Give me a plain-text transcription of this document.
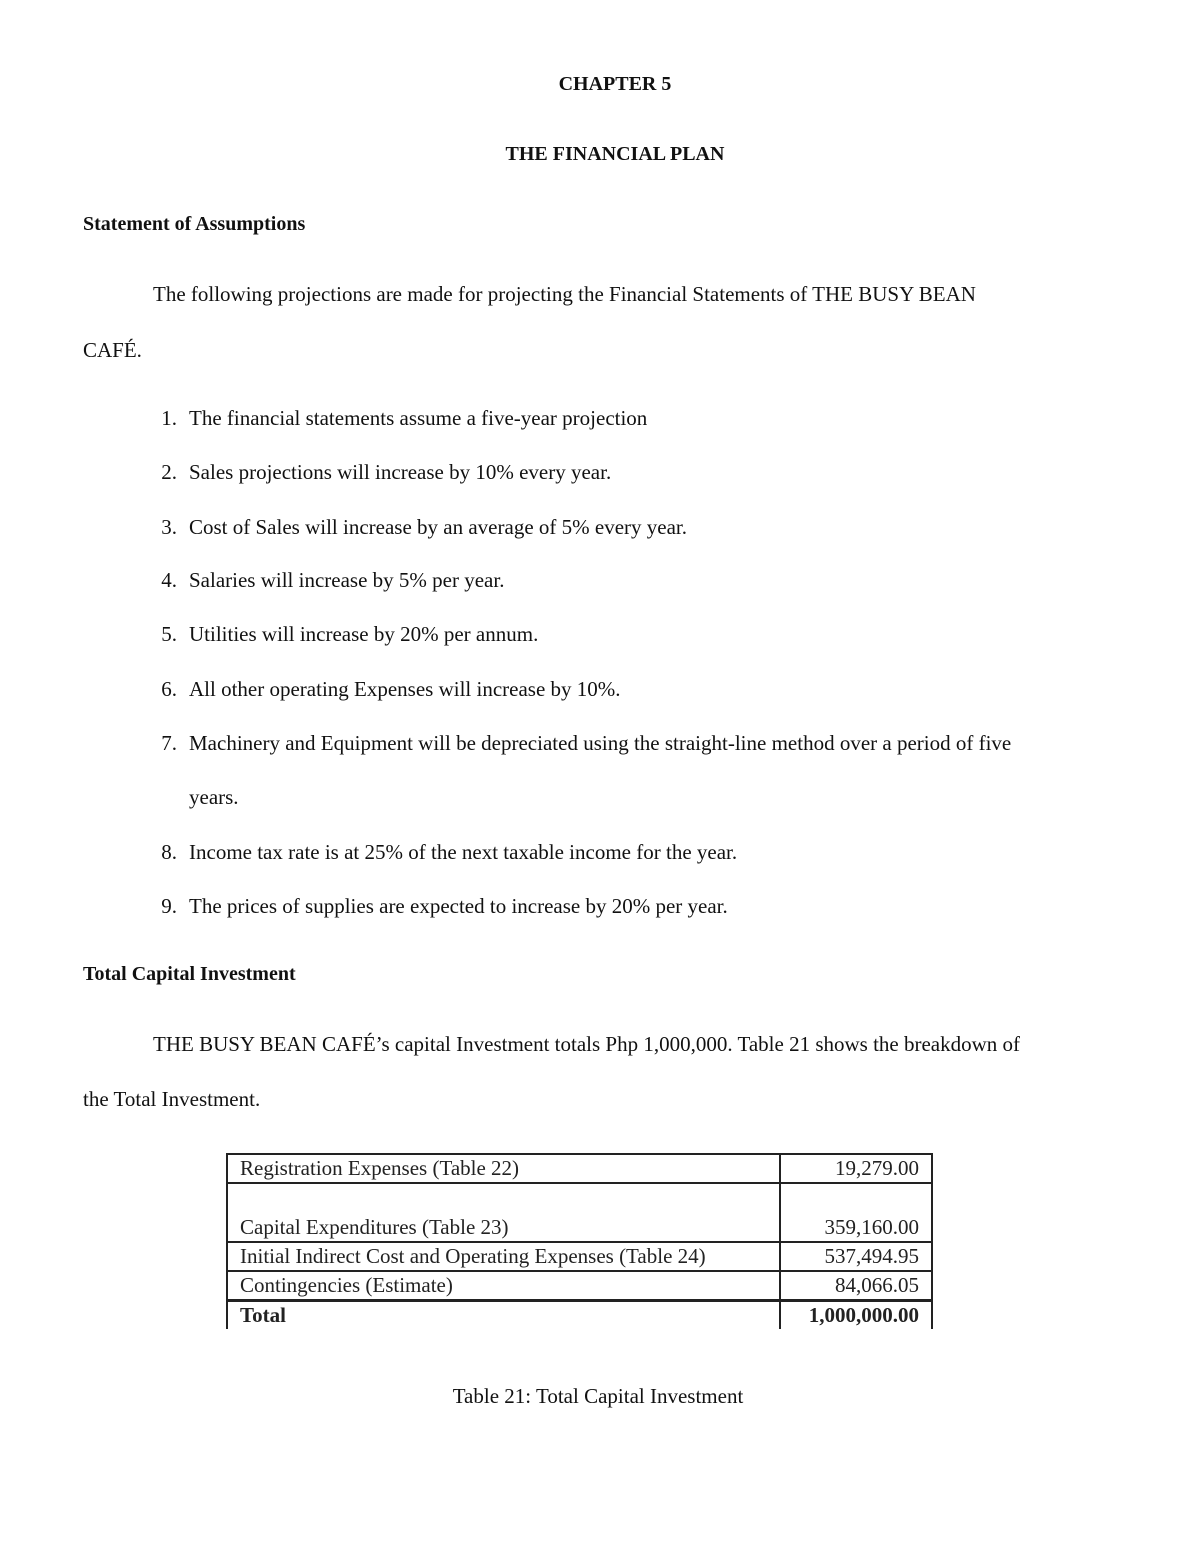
CHAPTER 5

THE FINANCIAL PLAN

Statement of Assumptions

The following projections are made for projecting the Financial Statements of THE BUSY BEAN

CAFÉ.

1. The financial statements assume a five-year projection
2. Sales projections will increase by 10% every year.
3. Cost of Sales will increase by an average of 5% every year.
4. Salaries will increase by 5% per year.
5. Utilities will increase by 20% per annum.
6. All other operating Expenses will increase by 10%.
7. Machinery and Equipment will be depreciated using the straight-line method over a period of five
years.
8. Income tax rate is at 25% of the next taxable income for the year.
9. The prices of supplies are expected to increase by 20% per year.

Total Capital Investment

THE BUSY BEAN CAFÉ’s capital Investment totals Php 1,000,000. Table 21 shows the breakdown of

the Total Investment.

Registration Expenses (Table 22)	19,279.00
Capital Expenditures (Table 23)	359,160.00
Initial Indirect Cost and Operating Expenses (Table 24)	537,494.95
Contingencies (Estimate)	84,066.05
Total	1,000,000.00

Table 21: Total Capital Investment
